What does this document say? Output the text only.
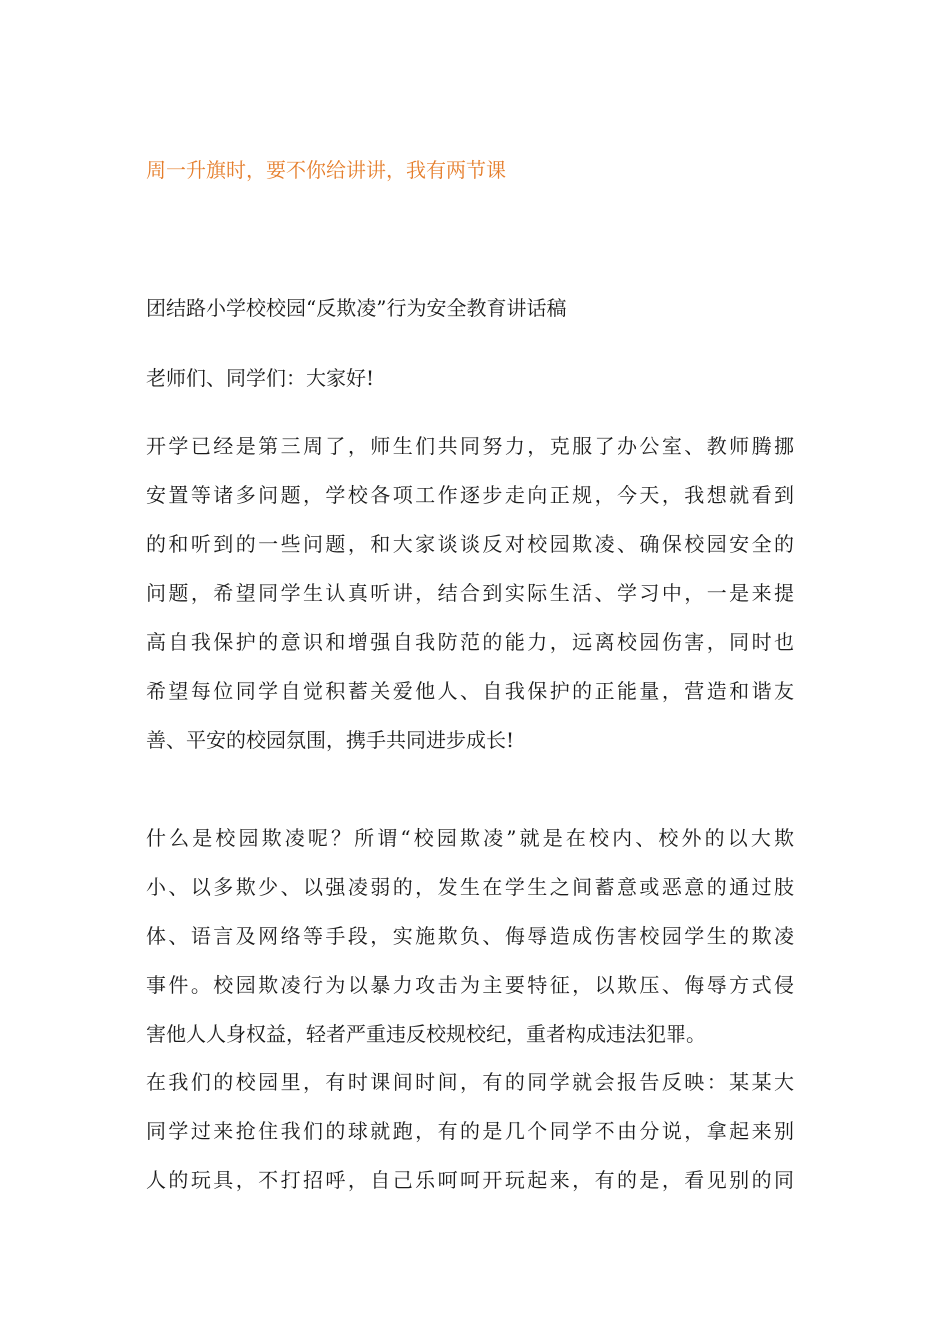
周一升旗时，要不你给讲讲，我有两节课
团结路小学校校园“反欺凌”行为安全教育讲话稿
老师们、同学们：大家好!
开学已经是第三周了，师生们共同努力，克服了办公室、教师腾挪
安置等诸多问题，学校各项工作逐步走向正规，今天，我想就看到
的和听到的一些问题，和大家谈谈反对校园欺凌、确保校园安全的
问题，希望同学生认真听讲，结合到实际生活、学习中，一是来提
高自我保护的意识和增强自我防范的能力，远离校园伤害，同时也
希望每位同学自觉积蓄关爱他人、自我保护的正能量，营造和谐友
善、平安的校园氛围，携手共同进步成长!
什么是校园欺凌呢？所谓“校园欺凌”就是在校内、校外的以大欺
小、以多欺少、以强凌弱的，发生在学生之间蓄意或恶意的通过肢
体、语言及网络等手段，实施欺负、侮辱造成伤害校园学生的欺凌
事件。校园欺凌行为以暴力攻击为主要特征，以欺压、侮辱方式侵
害他人人身权益，轻者严重违反校规校纪，重者构成违法犯罪。
在我们的校园里，有时课间时间，有的同学就会报告反映：某某大
同学过来抢住我们的球就跑，有的是几个同学不由分说，拿起来别
人的玩具，不打招呼，自己乐呵呵开玩起来，有的是，看见别的同
